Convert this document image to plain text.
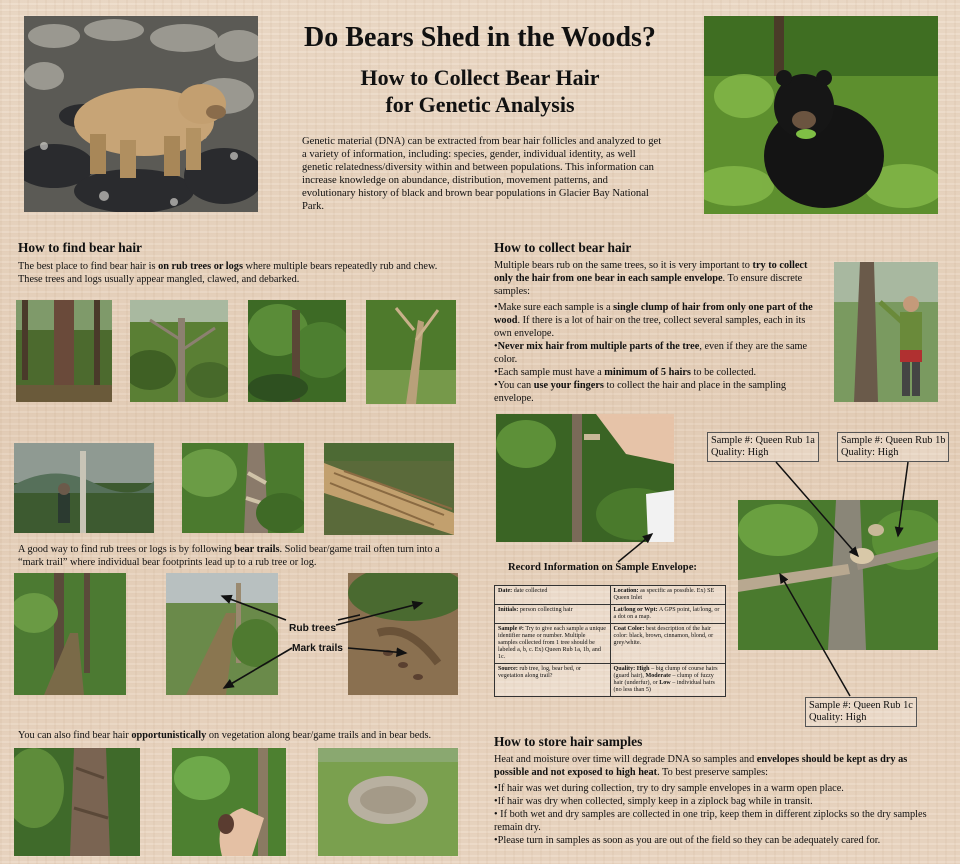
Do Bears Shed in the Woods?
How to Collect Bear Hair
for Genetic Analysis
Genetic material (DNA) can be extracted from bear hair follicles and analyzed to get a variety of information, including: species, gender, individual identity, as well genetic relatedness/diversity within and between populations. This information can increase knowledge on abundance, distribution, movement patterns, and evolutionary history of black and brown bear populations in Glacier Bay National Park.
How to find bear hair
The best place to find bear hair is on rub trees or logs where multiple bears repeatedly rub and chew. These trees and logs usually appear mangled, clawed, and debarked.
A good way to find rub trees or logs is by following bear trails. Solid bear/game trail often turn into a “mark trail” where individual bear footprints lead up to a rub tree or log.
Rub trees
Mark trails
You can also find bear hair opportunistically on vegetation along bear/game trails and in bear beds.
How to collect bear hair

Multiple bears rub on the same trees, so it is very important to try to collect only the hair from one bear in each sample envelope. To ensure discrete samples:

•Make sure each sample is a single clump of hair from only one part of the wood. If there is a lot of hair on the tree, collect several samples, each in its own envelope.

•Never mix hair from multiple parts of the tree, even if they are the same color.

•Each sample must have a minimum of 5 hairs to be collected.

•You can use your fingers to collect the hair and place in the sampling envelope.

Sample #: Queen Rub 1a
Quality: High
Sample #: Queen Rub 1b
Quality: High
Sample #: Queen Rub 1c
Quality: High
Record Information on Sample Envelope:
Date: date collected	Location: as specific as possible. Ex) SE Queen Inlet
Initials: person collecting hair	Lat/long or Wpt: A GPS point, lat/long, or a dot on a map.
Sample #: Try to give each sample a unique identifier name or number. Multiple samples collected from 1 tree should be labeled a, b, c. Ex) Queen Rub 1a, 1b, and 1c.	Coat Color: best description of the hair color: black, brown, cinnamon, blond, or grey/white.
Source: rub tree, log, bear bed, or vegetation along trail?	Quality: High – big clump of course hairs (guard hair), Moderate – clump of fuzzy hair (underfur), or Low – individual hairs (no less than 5)
How to store hair samples

Heat and moisture over time will degrade DNA so samples and envelopes should be kept as dry as possible and not exposed to high heat. To best preserve samples:

•If hair was wet during collection, try to dry sample envelopes in a warm open place.

•If hair was dry when collected, simply keep in a ziplock bag while in transit.

• If both wet and dry samples are collected in one trip, keep them in different ziplocks so the dry samples remain dry.

•Please turn in samples as soon as you are out of the field so they can be adequately cared for.
